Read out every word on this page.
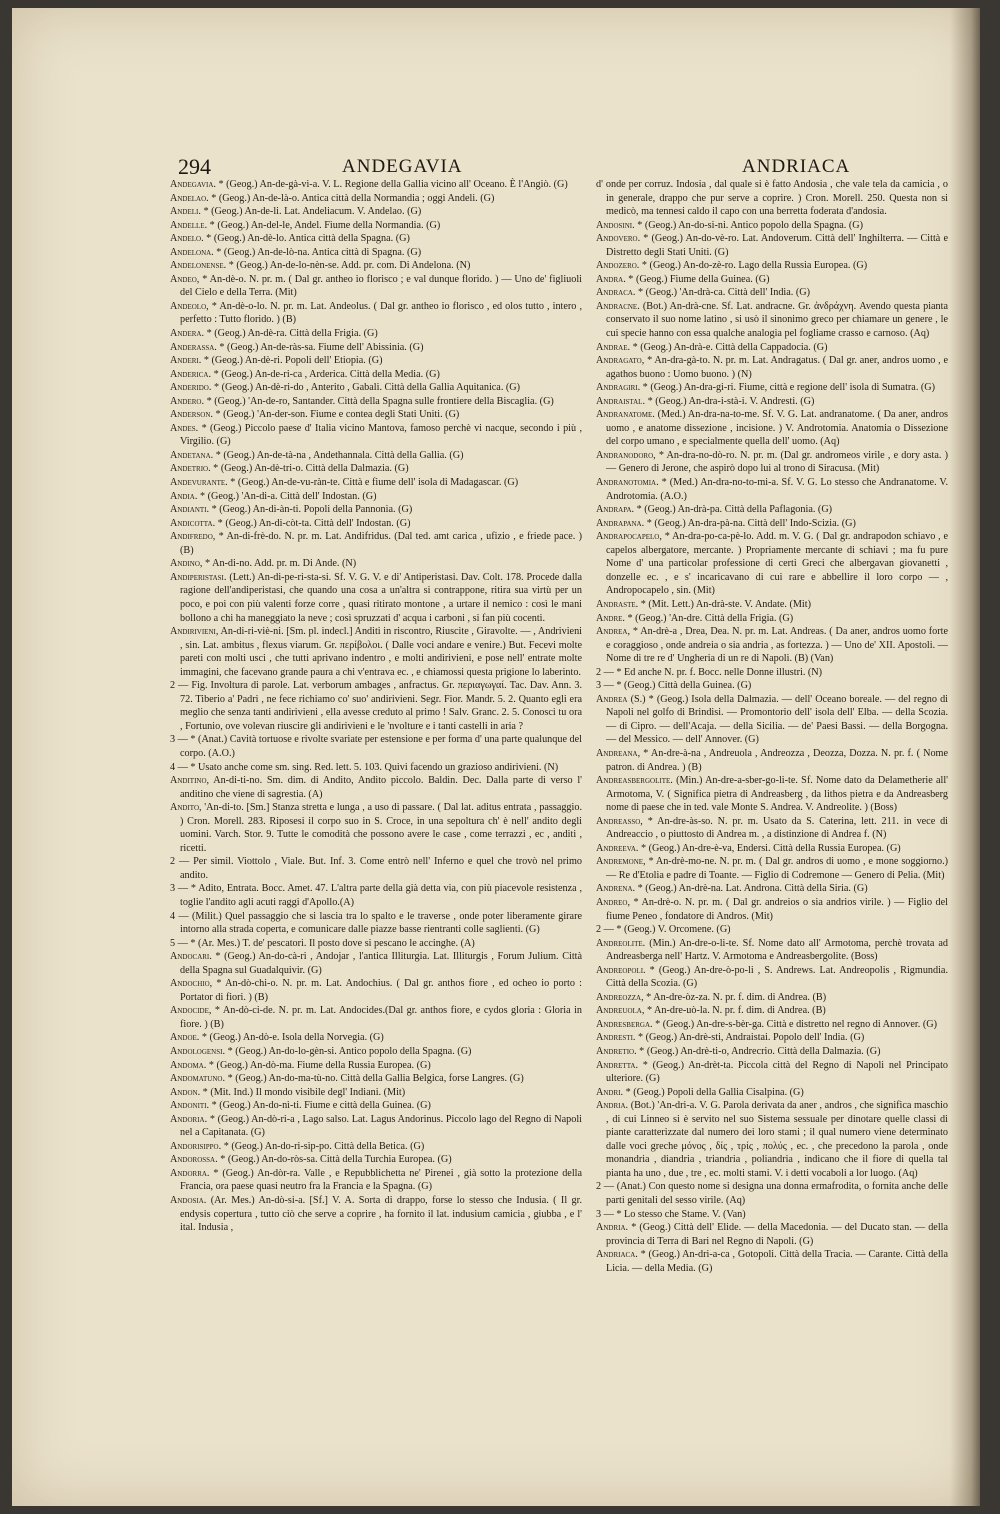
294	ANDEGAVIA	ANDRIACA

Andegavia. * (Geog.) An-de-gà-vi-a. V. L. Regione della Gallia vicino all' Oceano. È l'Angiò. (G)

Andelao. * (Geog.) An-de-là-o. Antica città della Normandia ; oggi Andeli. (G)

Andeli. * (Geog.) An-de-li. Lat. Andeliacum. V. Andelao. (G)

Andelle. * (Geog.) An-del-le, Andel. Fiume della Normandia. (G)

Andelo. * (Geog.) An-dè-lo. Antica città della Spagna. (G)

Andelona. * (Geog.) An-de-lò-na. Antica città di Spagna. (G)

Andelonense. * (Geog.) An-de-lo-nèn-se. Add. pr. com. Di Andelona. (N)

Andeo, * An-dè-o. N. pr. m. ( Dal gr. antheo io florisco ; e val dunque florido. ) — Uno de' figliuoli del Cielo e della Terra. (Mit)

Andeolo, * An-dè-o-lo. N. pr. m. Lat. Andeolus. ( Dal gr. antheo io florisco , ed olos tutto , intero , perfetto : Tutto florido. ) (B)

Andera. * (Geog.) An-dè-ra. Città della Frigia. (G)

Anderassa. * (Geog.) An-de-ràs-sa. Fiume dell' Abissinia. (G)

Anderi. * (Geog.) An-dè-ri. Popoli dell' Etiopia. (G)

Anderica. * (Geog.) An-de-ri-ca , Arderica. Città della Media. (G)

Anderido. * (Geog.) An-dè-ri-do , Anterito , Gabali. Città della Gallia Aquitanica. (G)

Andero. * (Geog.) 'An-de-ro, Santander. Città della Spagna sulle frontiere della Biscaglia. (G)

Anderson. * (Geog.) 'An-der-son. Fiume e contea degli Stati Uniti. (G)

Andes. * (Geog.) Piccolo paese d' Italia vicino Mantova, famoso perchè vi nacque, secondo i più , Virgilio. (G)

Andetana. * (Geog.) An-de-tà-na , Andethannala. Città della Gallia. (G)

Andetrio. * (Geog.) An-dè-tri-o. Città della Dalmazia. (G)

Andevurante. * (Geog.) An-de-vu-ràn-te. Città e fiume dell' isola di Madagascar. (G)

Andia. * (Geog.) 'An-di-a. Città dell' Indostan. (G)

Andianti. * (Geog.) An-di-àn-ti. Popoli della Pannonia. (G)

Andicotta. * (Geog.) An-di-còt-ta. Città dell' Indostan. (G)

Andifredo, * An-di-frè-do. N. pr. m. Lat. Andifridus. (Dal ted. amt carica , ufizio , e friede pace. ) (B)

Andino, * An-di-no. Add. pr. m. Di Ande. (N)

Andiperistasi. (Lett.) An-di-pe-ri-sta-si. Sf. V. G. V. e di' Antiperistasi. Dav. Colt. 178. Procede dalla ragione dell'andiperistasi, che quando una cosa a un'altra si contrappone, ritira sua virtù per un poco, e poi con più valenti forze corre , quasi ritirato montone , a urtare il nemico : così le mani bollono a chi ha maneggiato la neve ; così spruzzati d' acqua i carboni , si fan più cocenti.

Andirivieni, An-di-ri-viè-ni. [Sm. pl. indecl.] Anditi in riscontro, Riuscite , Giravolte. — , Andrivieni , sin. Lat. ambitus , flexus viarum. Gr. περίβολοι. ( Dalle voci andare e venire.) But. Fecevi molte pareti con molti usci , che tutti aprivano indentro , e molti andirivieni, e pose nell' entrate molte immagini, che facevano grande paura a chi v'entrava ec. , e chiamossi questa prigione lo laberinto.

2 — Fig. Involtura di parole. Lat. verborum ambages , anfractus. Gr. περιαγωγαί. Tac. Dav. Ann. 3. 72. Tiberio a' Padri , ne fece richiamo co' suo' andirivieni. Segr. Fior. Mandr. 5. 2. Quanto egli era meglio che senza tanti andirivieni , ella avesse creduto al primo ! Salv. Granc. 2. 5. Conosci tu ora , Fortunio, ove volevan riuscire gli andirivieni e le 'nvolture e i tanti castelli in aria ?

3 — * (Anat.) Cavità tortuose e rivolte svariate per estensione e per forma d' una parte qualunque del corpo. (A.O.)

4 — * Usato anche come sm. sing. Red. lett. 5. 103. Quivi facendo un grazioso andirivieni. (N)

Anditino, An-di-ti-no. Sm. dim. di Andito, Andito piccolo. Baldin. Dec. Dalla parte di verso l' anditino che viene di sagrestia. (A)

Andito, 'An-di-to. [Sm.] Stanza stretta e lunga , a uso di passare. ( Dal lat. aditus entrata , passaggio. ) Cron. Morell. 283. Riposesi il corpo suo in S. Croce, in una sepoltura ch' è nell' andito degli uomini. Varch. Stor. 9. Tutte le comodità che possono avere le case , come terrazzi , ec , anditi , ricetti.

2 — Per simil. Viottolo , Viale. But. Inf. 3. Come entrò nell' Inferno e quel che trovò nel primo andito.

3 — * Adito, Entrata. Bocc. Amet. 47. L'altra parte della già detta via, con più piacevole resistenza , toglie l'andito agli acuti raggi d'Apollo.(A)

4 — (Milit.) Quel passaggio che si lascia tra lo spalto e le traverse , onde poter liberamente girare intorno alla strada coperta, e comunicare dalle piazze basse rientranti colle saglienti. (G)

5 — * (Ar. Mes.) T. de' pescatori. Il posto dove si pescano le accinghe. (A)

Andocari. * (Geog.) An-do-cà-ri , Andojar , l'antica Illiturgia. Lat. Illiturgis , Forum Julium. Città della Spagna sul Guadalquivir. (G)

Andochio, * An-dò-chi-o. N. pr. m. Lat. Andochius. ( Dal gr. anthos fiore , ed ocheo io porto : Portator di fiori. ) (B)

Andocide, * An-dò-ci-de. N. pr. m. Lat. Andocides.(Dal gr. anthos fiore, e cydos gloria : Gloria in fiore. ) (B)

Andoe. * (Geog.) An-dò-e. Isola della Norvegia. (G)

Andologensi. * (Geog.) An-do-lo-gèn-si. Antico popolo della Spagna. (G)

Andoma. * (Geog.) An-dò-ma. Fiume della Russia Europea. (G)

Andomatuno. * (Geog.) An-do-ma-tù-no. Città della Gallia Belgica, forse Langres. (G)

Andon. * (Mit. Ind.) Il mondo visibile degl' Indiani. (Mit)

Andoniti. * (Geog.) An-do-nì-ti. Fiume e città della Guinea. (G)

Andoria. * (Geog.) An-dò-ri-a , Lago salso. Lat. Lagus Andorinus. Piccolo lago del Regno di Napoli nel a Capitanata. (G)

Andorisippo. * (Geog.) An-do-ri-sìp-po. Città della Betica. (G)

Andorossa. * (Geog.) An-do-ròs-sa. Città della Turchia Europea. (G)

Andorra. * (Geog.) An-dòr-ra. Valle , e Repubblichetta ne' Pirenei , già sotto la protezione della Francia, ora paese quasi neutro fra la Francia e la Spagna. (G)

Andosia. (Ar. Mes.) An-dò-si-a. [Sf.] V. A. Sorta di drappo, forse lo stesso che Indusia. ( Il gr. endysis copertura , tutto ciò che serve a coprire , ha fornito il lat. indusium camicia , giubba , e l' ital. Indusia ,

d' onde per corruz. Indosia , dal quale si è fatto Andosia , che vale tela da camicia , o in generale, drappo che pur serve a coprire. ) Cron. Morell. 250. Questa non si medicò, ma tennesi caldo il capo con una berretta foderata d'andosia.

Andosini. * (Geog.) An-do-si-ni. Antico popolo della Spagna. (G)

Andovero. * (Geog.) An-do-vè-ro. Lat. Andoverum. Città dell' Inghilterra. — Città e Distretto degli Stati Uniti. (G)

Andozero. * (Geog.) An-do-zè-ro. Lago della Russia Europea. (G)

Andra. * (Geog.) Fiume della Guinea. (G)

Andraca. * (Geog.) 'An-drà-ca. Città dell' India. (G)

Andracne. (Bot.) An-drà-cne. Sf. Lat. andracne. Gr. ἀνδράχνη. Avendo questa pianta conservato il suo nome latino , si usò il sinonimo greco per chiamare un genere , le cui specie hanno con essa qualche analogia pel fogliame crasso e carnoso. (Aq)

Andrae. * (Geog.) An-drà-e. Città della Cappadocia. (G)

Andragato, * An-dra-gà-to. N. pr. m. Lat. Andragatus. ( Dal gr. aner, andros uomo , e agathos buono : Uomo buono. ) (N)

Andragiri. * (Geog.) An-dra-gi-ri. Fiume, città e regione dell' isola di Sumatra. (G)

Andraistal. * (Geog.) An-dra-i-stà-i. V. Andresti. (G)

Andranatome. (Med.) An-dra-na-to-me. Sf. V. G. Lat. andranatome. ( Da aner, andros uomo , e anatome dissezione , incisione. ) V. Androtomia. Anatomia o Dissezione del corpo umano , e specialmente quella dell' uomo. (Aq)

Andranodoro, * An-dra-no-dò-ro. N. pr. m. (Dal gr. andromeos virile , e dory asta. ) — Genero di Jerone, che aspirò dopo lui al trono di Siracusa. (Mit)

Andranotomia. * (Med.) An-dra-no-to-mi-a. Sf. V. G. Lo stesso che Andranatome. V. Androtomia. (A.O.)

Andrapa. * (Geog.) An-drà-pa. Città della Paflagonia. (G)

Andrapana. * (Geog.) An-dra-pà-na. Città dell' Indo-Scizia. (G)

Andrapocapelo, * An-dra-po-ca-pè-lo. Add. m. V. G. ( Dal gr. andrapodon schiavo , e capelos albergatore, mercante. ) Propriamente mercante di schiavi ; ma fu pure Nome d' una particolar professione di certi Greci che albergavan giovanetti , donzelle ec. , e s' incaricavano di cui rare e abbellire il loro corpo — , Andropocapelo , sin. (Mit)

Andraste. * (Mit. Lett.) An-drà-ste. V. Andate. (Mit)

Andre. * (Geog.) 'An-dre. Città della Frigia. (G)

Andrea, * An-drè-a , Drea, Dea. N. pr. m. Lat. Andreas. ( Da aner, andros uomo forte e coraggioso , onde andreia o sia andria , as fortezza. ) — Uno de' XII. Apostoli. — Nome di tre re d' Ungheria di un re di Napoli. (B) (Van)

2 — * Ed anche N. pr. f. Bocc. nelle Donne illustri. (N)

3 — * (Geog.) Città della Guinea. (G)

Andrea (S.) * (Geog.) Isola della Dalmazia. — dell' Oceano boreale. — del regno di Napoli nel golfo di Brindisi. — Promontorio dell' isola dell' Elba. — della Scozia. — di Cipro. — dell'Acaja. — della Sicilia. — de' Paesi Bassi. — della Borgogna. — del Messico. — dell' Annover. (G)

Andreana, * An-dre-à-na , Andreuola , Andreozza , Deozza, Dozza. N. pr. f. ( Nome patron. di Andrea. ) (B)

Andreasbergolite. (Min.) An-dre-a-sber-go-li-te. Sf. Nome dato da Delametherie all' Armotoma, V. ( Significa pietra di Andreasberg , da lithos pietra e da Andreasberg nome di paese che in ted. vale Monte S. Andrea. V. Andreolite. ) (Boss)

Andreasso, * An-dre-às-so. N. pr. m. Usato da S. Caterina, lett. 211. in vece di Andreaccio , o piuttosto di Andrea m. , a distinzione di Andrea f. (N)

Andreeva. * (Geog.) An-dre-è-va, Endersi. Città della Russia Europea. (G)

Andremone, * An-drè-mo-ne. N. pr. m. ( Dal gr. andros di uomo , e mone soggiorno.) — Re d'Etolia e padre di Toante. — Figlio di Codremone — Genero di Pelia. (Mit)

Andrena. * (Geog.) An-drè-na. Lat. Androna. Città della Siria. (G)

Andreo, * An-drè-o. N. pr. m. ( Dal gr. andreios o sia andrios virile. ) — Figlio del fiume Peneo , fondatore di Andros. (Mit)

2 — * (Geog.) V. Orcomene. (G)

Andreolite. (Min.) An-dre-o-li-te. Sf. Nome dato all' Armotoma, perchè trovata ad Andreasberga nell' Hartz. V. Armotoma e Andreasbergolite. (Boss)

Andreopoli. * (Geog.) An-dre-ò-po-li , S. Andrews. Lat. Andreopolis , Rigmundia. Città della Scozia. (G)

Andreozza, * An-dre-òz-za. N. pr. f. dim. di Andrea. (B)

Andreuola, * An-dre-uò-la. N. pr. f. dim. di Andrea. (B)

Andresberga. * (Geog.) An-dre-s-bèr-ga. Città e distretto nel regno di Annover. (G)

Andresti. * (Geog.) An-drè-sti, Andraistai. Popolo dell' India. (G)

Andretio. * (Geog.) An-drè-ti-o, Andrecrio. Città della Dalmazia. (G)

Andretta. * (Geog.) An-drèt-ta. Piccola città del Regno di Napoli nel Principato ulteriore. (G)

Andri. * (Geog.) Popoli della Gallia Cisalpina. (G)

Andria. (Bot.) 'An-dri-a. V. G. Parola derivata da aner , andros , che significa maschio , di cui Linneo si è servito nel suo Sistema sessuale per dinotare quelle classi di piante caratterizzate dal numero dei loro stami ; il qual numero viene determinato dalle voci greche μόνος , δίς , τρίς , πολύς , ec. , che precedono la parola , onde monandria , diandria , triandria , poliandria , indicano che il fiore di quella tal pianta ha uno , due , tre , ec. molti stami. V. i detti vocaboli a lor luogo. (Aq)

2 — (Anat.) Con questo nome si designa una donna ermafrodita, o fornita anche delle parti genitali del sesso virile. (Aq)

3 — * Lo stesso che Stame. V. (Van)

Andria. * (Geog.) Città dell' Elide. — della Macedonia. — del Ducato stan. — della provincia di Terra di Bari nel Regno di Napoli. (G)

Andriaca. * (Geog.) An-dri-a-ca , Gotopoli. Città della Tracia. — Carante. Città della Licia. — della Media. (G)
